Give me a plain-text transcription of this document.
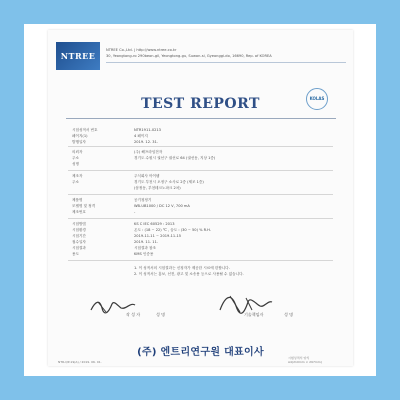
NTREE
NTREE Co.,Ltd. | http://www.ntree.co.kr
30, Yeongtong-ro 290beon-gil, Yeongtong-gu, Suwon-si, Gyeonggi-do, 16690, Rep. of KOREA
TEST REPORT	KOLAS
시험성적서 번호	NTR1911-0213
페이지(1)	4 페이지
발행일자	2019. 12. 31.
의뢰자	(주) 해프라임전자
주소	경기도 수원시 권선구 권선로 64 (권선동, 지상 1층)
성명
제조자	주식회사 아이템
주소	경기도 부천시 오정구 소사로 2층 (제조 1층)
(삼정동, 부천테크노파크 2차)
제품명	공기청정기
모델명 및 정격	WB-UB1000 / DC 12 V, 700 mA
제조번호	-
시험방법	KS C IEC 60529 : 2013
시험환경	온도 : (18 ~ 22) ℃ , 습도 : (30 ~ 50) % R.H.
시험기간	2019-11-11 ~ 2019-11-15
접수일자	2019. 11. 11.
시험결과	시험결과 참조
용도	KMS 인증용
1. 이 성적서의 시험결과는 신청자가 제공한 시료에 한합니다.
2. 이 성적서는 홍보, 선전, 광고 및 소송용 등으로 사용될 수 없습니다.
작 성 자	성 명	기술책임자	성 명
(주) 엔트리연구원 대표이사
NTR-QP-19(A) / 2019. 06. 01.
시험성적서 양식
A4(210mm × 297mm)
